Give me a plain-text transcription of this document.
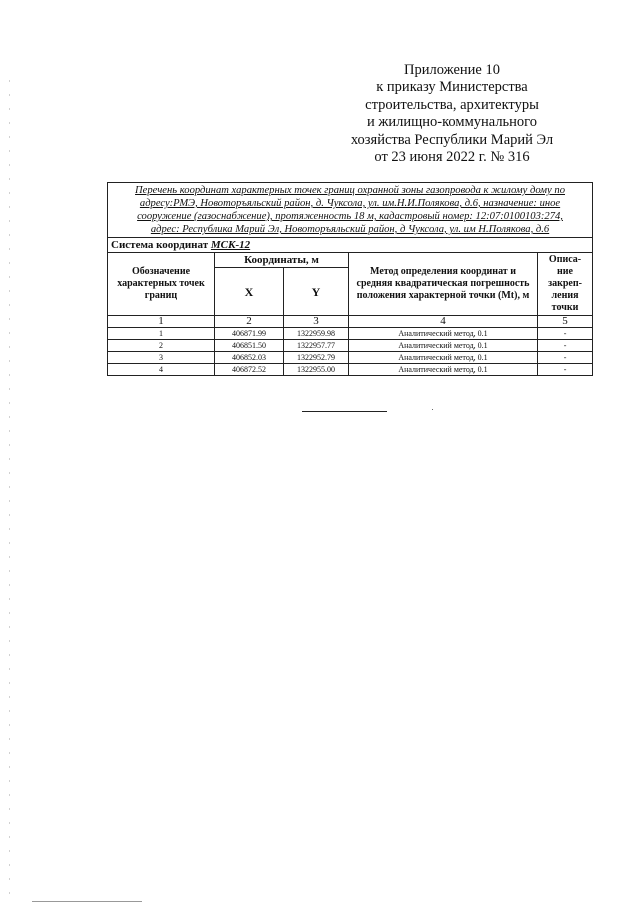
Приложение 10
к приказу Министерства
строительства, архитектуры
и жилищно-коммунального
хозяйства Республики Марий Эл
от 23 июня 2022 г. № 316
Перечень координат характерных точек границ охранной зоны газопровода к жилому дому по
адресу:РМЭ, Новоторъяльский район, д. Чуксола, ул. им.Н.И.Полякова, д.6, назначение: иное
сооружение (газоснабжение), протяженность 18 м, кадастровый номер: 12:07:0100103:274,
адрес: Республика Марий Эл, Новоторъяльский район, д Чуксола, ул. им Н.Полякова, д.6				

Система координат МСК-12				
Обозначение характерных точек границ	Координаты, м		Метод определения координат и средняя квадратическая погрешность положения характерной точки (Mt), м	Описа-ние закреп-ления точки
	X	Y		
1	2	3	4	5
1	406871.99	1322959.98	Аналитический метод, 0.1	-
2	406851.50	1322957.77	Аналитический метод, 0.1	-
3	406852.03	1322952.79	Аналитический метод, 0.1	-
4	406872.52	1322955.00	Аналитический метод, 0.1	-
